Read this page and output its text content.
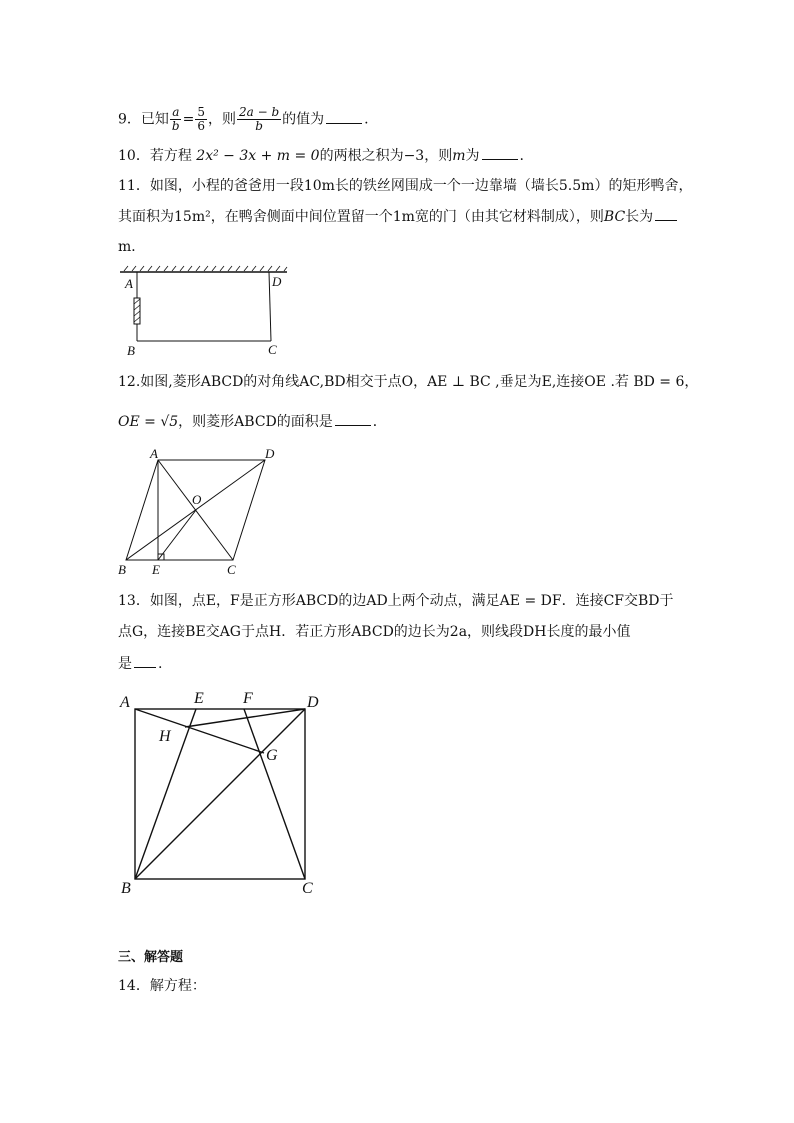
9．已知 $\frac{a}{b} = \frac{5}{6}$ ，则 $\frac{2a - b}{b}$ 的值为	.
10．若方程 2x² − 3x + m = 0的两根之积为−3，则m为	.
11．如图，小程的爸爸用一段10m长的铁丝网围成一个一边靠墙（墙长5.5m）的矩形鸭舍，
其面积为15m²，在鸭舍侧面中间位置留一个1m宽的门（由其它材料制成），则BC长为
m．
A	D
B	C
12.如图,菱形ABCD的对角线AC,BD相交于点O，AE ⊥ BC ,垂足为E,连接OE .若 BD = 6，
OE = √5，则菱形ABCD的面积是	．
A	D
O
B E	C
13．如图，点E，F是正方形ABCD的边AD上两个动点，满足AE = DF．连接CF交BD于
点G，连接BE交AG于点H．若正方形ABCD的边长为2a，则线段DH长度的最小值
是 .
A	E F	D
H
G
B	C
三、解答题
14．解方程：
